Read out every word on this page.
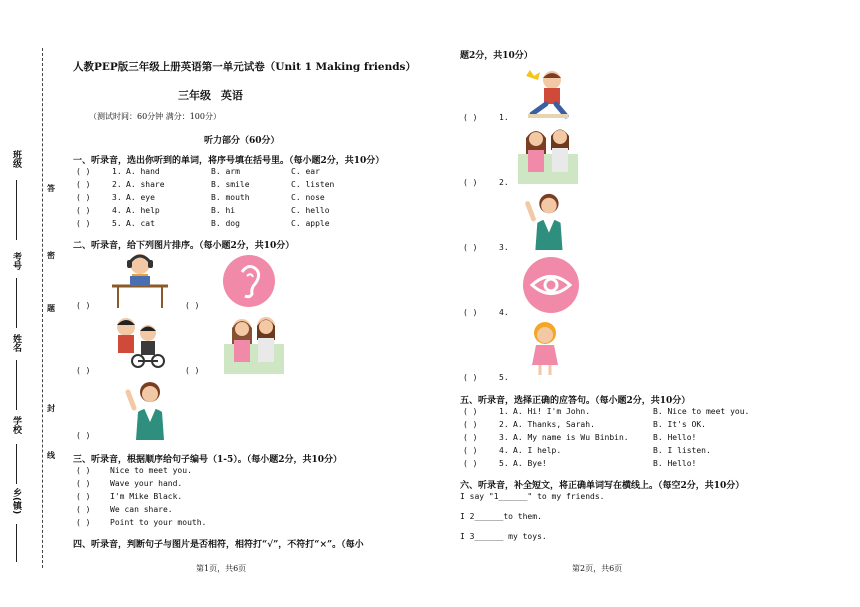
答
密
题
封
线
班级
考号
姓名
学校
乡(镇)
人教PEP版三年级上册英语第一单元试卷（Unit 1 Making friends）
三年级 英语
（测试时间：60分钟 满分：100分）
听力部分（60分）
一、听录音，选出你听到的单词，将序号填在括号里。（每小题2分，共10分）
( )	1. A. hand	B. arm	C. ear
( )	2. A. share	B. smile	C. listen
( )	3. A. eye	B. mouth	C. nose
( )	4. A. help	B. hi	C. hello
( )	5. A. cat	B. dog	C. apple
二、听录音，给下列图片排序。（每小题2分，共10分）
( )	( )
( )	( )
( )
三、听录音，根据顺序给句子编号（1-5）。（每小题2分，共10分）
( ) Nice to meet you.
( ) Wave your hand.
( ) I'm Mike Black.
( ) We can share.
( ) Point to your mouth.
四、听录音，判断句子与图片是否相符，相符打“√”，不符打“×”。（每小
第1页，共6页
题2分，共10分）
( )	1.
( )	2.
( )	3.
( )	4.
( )	5.
五、听录音，选择正确的应答句。（每小题2分，共10分）
( )	1. A. Hi! I'm John.	B. Nice to meet you.
( )	2. A. Thanks, Sarah.	B. It's OK.
( )	3. A. My name is Wu Binbin.	B. Hello!
( )	4. A. I help.	B. I listen.
( )	5. A. Bye!	B. Hello!
六、听录音，补全短文，将正确单词写在横线上。（每空2分，共10分）
I say "1______" to my friends.
I 2______to them.
I 3______ my toys.
第2页，共6页
